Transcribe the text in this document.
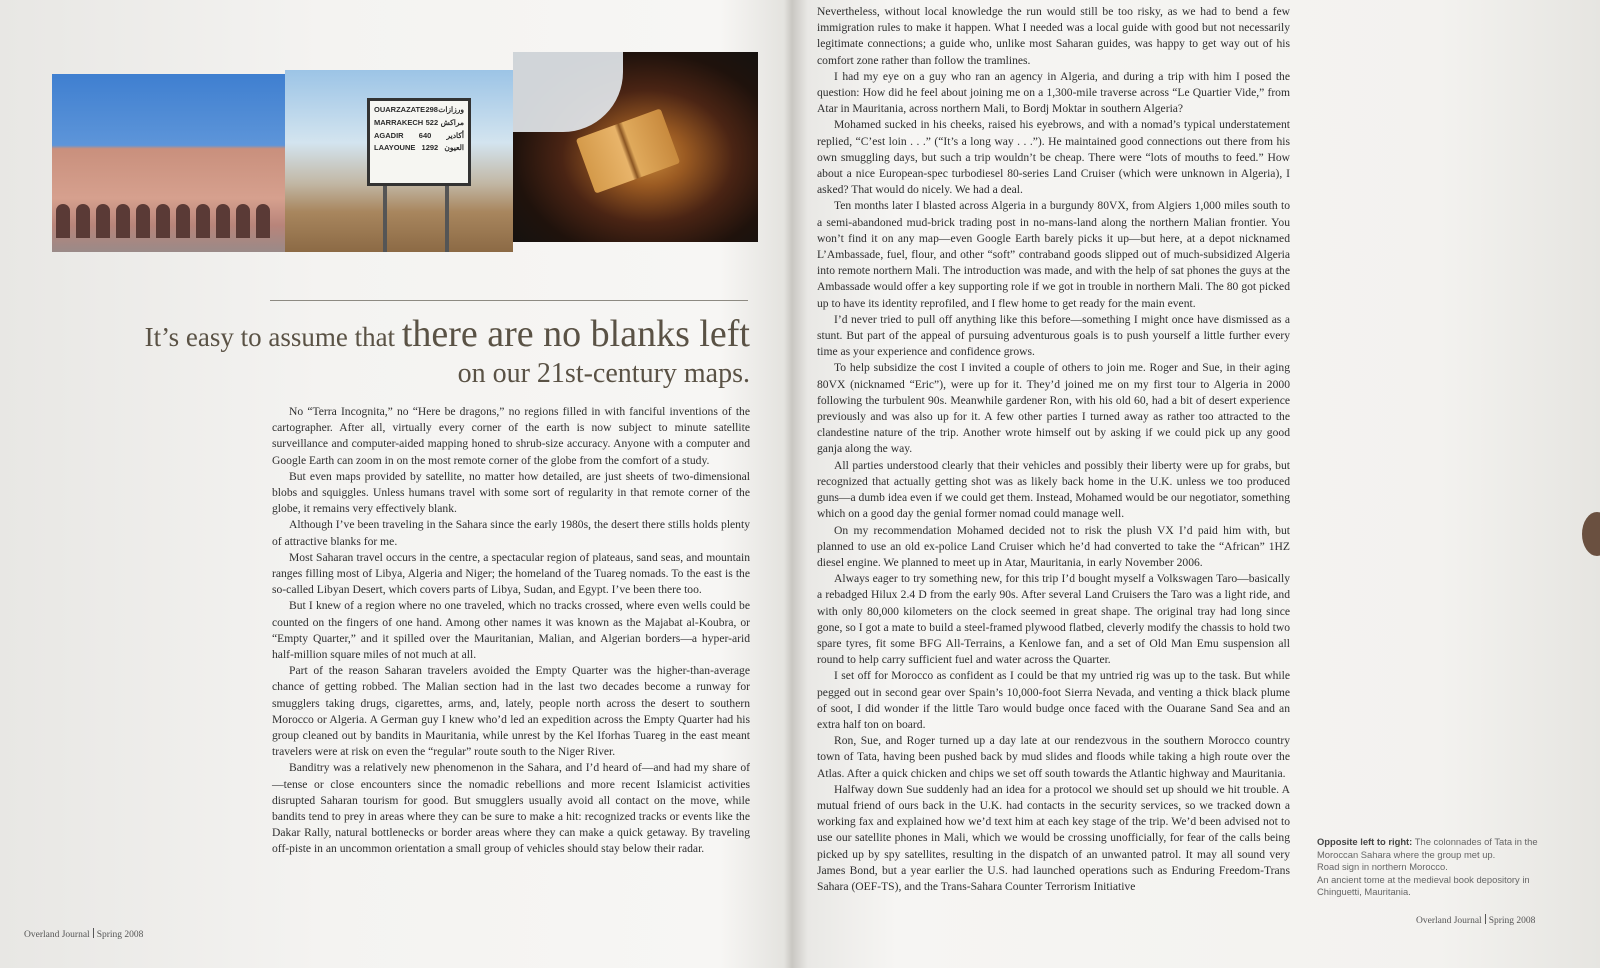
OUARZAZATE 298 ورزازات
MARRAKECH 522 مراكش
AGADIR 640 أكادير
LAAYOUNE 1292 العيون
It’s easy to assume that there are no blanks left
on our 21st-century maps.

No “Terra Incognita,” no “Here be dragons,” no regions filled in with fanciful inventions of the cartographer. After all, virtually every corner of the earth is now subject to minute satellite surveillance and computer-aided mapping honed to shrub-size accuracy. Anyone with a computer and Google Earth can zoom in on the most remote corner of the globe from the comfort of a study.

But even maps provided by satellite, no matter how detailed, are just sheets of two-dimensional blobs and squiggles. Unless humans travel with some sort of regularity in that remote corner of the globe, it remains very effectively blank.

Although I’ve been traveling in the Sahara since the early 1980s, the desert there stills holds plenty of attractive blanks for me.

Most Saharan travel occurs in the centre, a spectacular region of plateaus, sand seas, and mountain ranges filling most of Libya, Algeria and Niger; the homeland of the Tuareg nomads. To the east is the so-called Libyan Desert, which covers parts of Libya, Sudan, and Egypt. I’ve been there too.

But I knew of a region where no one traveled, which no tracks crossed, where even wells could be counted on the fingers of one hand. Among other names it was known as the Majabat al-Koubra, or “Empty Quarter,” and it spilled over the Mauritanian, Malian, and Algerian borders—a hyper-arid half-million square miles of not much at all.

Part of the reason Saharan travelers avoided the Empty Quarter was the higher-than-average chance of getting robbed. The Malian section had in the last two decades become a runway for smugglers taking drugs, cigarettes, arms, and, lately, people north across the desert to southern Morocco or Algeria. A German guy I knew who’d led an expedition across the Empty Quarter had his group cleaned out by bandits in Mauritania, while unrest by the Kel Iforhas Tuareg in the east meant travelers were at risk on even the “regular” route south to the Niger River.

Banditry was a relatively new phenomenon in the Sahara, and I’d heard of—and had my share of—tense or close encounters since the nomadic rebellions and more recent Islamicist activities disrupted Saharan tourism for good. But smugglers usually avoid all contact on the move, while bandits tend to prey in areas where they can be sure to make a hit: recognized tracks or events like the Dakar Rally, natural bottlenecks or border areas where they can make a quick getaway. By traveling off-piste in an uncommon orientation a small group of vehicles should stay below their radar.

Overland Journal Spring 2008

Nevertheless, without local knowledge the run would still be too risky, as we had to bend a few immigration rules to make it happen. What I needed was a local guide with good but not necessarily legitimate connections; a guide who, unlike most Saharan guides, was happy to get way out of his comfort zone rather than follow the tramlines.

I had my eye on a guy who ran an agency in Algeria, and during a trip with him I posed the question: How did he feel about joining me on a 1,300-mile traverse across “Le Quartier Vide,” from Atar in Mauritania, across northern Mali, to Bordj Moktar in southern Algeria?

Mohamed sucked in his cheeks, raised his eyebrows, and with a nomad’s typical understatement replied, “C’est loin . . .” (“It’s a long way . . .”). He maintained good connections out there from his own smuggling days, but such a trip wouldn’t be cheap. There were “lots of mouths to feed.” How about a nice European-spec turbodiesel 80-series Land Cruiser (which were unknown in Algeria), I asked? That would do nicely. We had a deal.

Ten months later I blasted across Algeria in a burgundy 80VX, from Algiers 1,000 miles south to a semi-abandoned mud-brick trading post in no-mans-land along the northern Malian frontier. You won’t find it on any map—even Google Earth barely picks it up—but here, at a depot nicknamed L’Ambassade, fuel, flour, and other “soft” contraband goods slipped out of much-subsidized Algeria into remote northern Mali. The introduction was made, and with the help of sat phones the guys at the Ambassade would offer a key supporting role if we got in trouble in northern Mali. The 80 got picked up to have its identity reprofiled, and I flew home to get ready for the main event.

I’d never tried to pull off anything like this before—something I might once have dismissed as a stunt. But part of the appeal of pursuing adventurous goals is to push yourself a little further every time as your experience and confidence grows.

To help subsidize the cost I invited a couple of others to join me. Roger and Sue, in their aging 80VX (nicknamed “Eric”), were up for it. They’d joined me on my first tour to Algeria in 2000 following the turbulent 90s. Meanwhile gardener Ron, with his old 60, had a bit of desert experience previously and was also up for it. A few other parties I turned away as rather too attracted to the clandestine nature of the trip. Another wrote himself out by asking if we could pick up any good ganja along the way.

All parties understood clearly that their vehicles and possibly their liberty were up for grabs, but recognized that actually getting shot was as likely back home in the U.K. unless we too produced guns—a dumb idea even if we could get them. Instead, Mohamed would be our negotiator, something which on a good day the genial former nomad could manage well.

On my recommendation Mohamed decided not to risk the plush VX I’d paid him with, but planned to use an old ex-police Land Cruiser which he’d had converted to take the “African” 1HZ diesel engine. We planned to meet up in Atar, Mauritania, in early November 2006.

Always eager to try something new, for this trip I’d bought myself a Volkswagen Taro—basically a rebadged Hilux 2.4 D from the early 90s. After several Land Cruisers the Taro was a light ride, and with only 80,000 kilometers on the clock seemed in great shape. The original tray had long since gone, so I got a mate to build a steel-framed plywood flatbed, cleverly modify the chassis to hold two spare tyres, fit some BFG All-Terrains, a Kenlowe fan, and a set of Old Man Emu suspension all round to help carry sufficient fuel and water across the Quarter.

I set off for Morocco as confident as I could be that my untried rig was up to the task. But while pegged out in second gear over Spain’s 10,000-foot Sierra Nevada, and venting a thick black plume of soot, I did wonder if the little Taro would budge once faced with the Ouarane Sand Sea and an extra half ton on board.

Ron, Sue, and Roger turned up a day late at our rendezvous in the southern Morocco country town of Tata, having been pushed back by mud slides and floods while taking a high route over the Atlas. After a quick chicken and chips we set off south towards the Atlantic highway and Mauritania.

Halfway down Sue suddenly had an idea for a protocol we should set up should we hit trouble. A mutual friend of ours back in the U.K. had contacts in the security services, so we tracked down a working fax and explained how we’d text him at each key stage of the trip. We’d been advised not to use our satellite phones in Mali, which we would be crossing unofficially, for fear of the calls being picked up by spy satellites, resulting in the dispatch of an unwanted patrol. It may all sound very James Bond, but a year earlier the U.S. had launched operations such as Enduring Freedom-Trans Sahara (OEF-TS), and the Trans-Sahara Counter Terrorism Initiative

Opposite left to right: The colonnades of Tata in the Moroccan Sahara where the group met up.
Road sign in northern Morocco.
An ancient tome at the medieval book depository in Chinguetti, Mauritania.
Overland Journal Spring 2008
